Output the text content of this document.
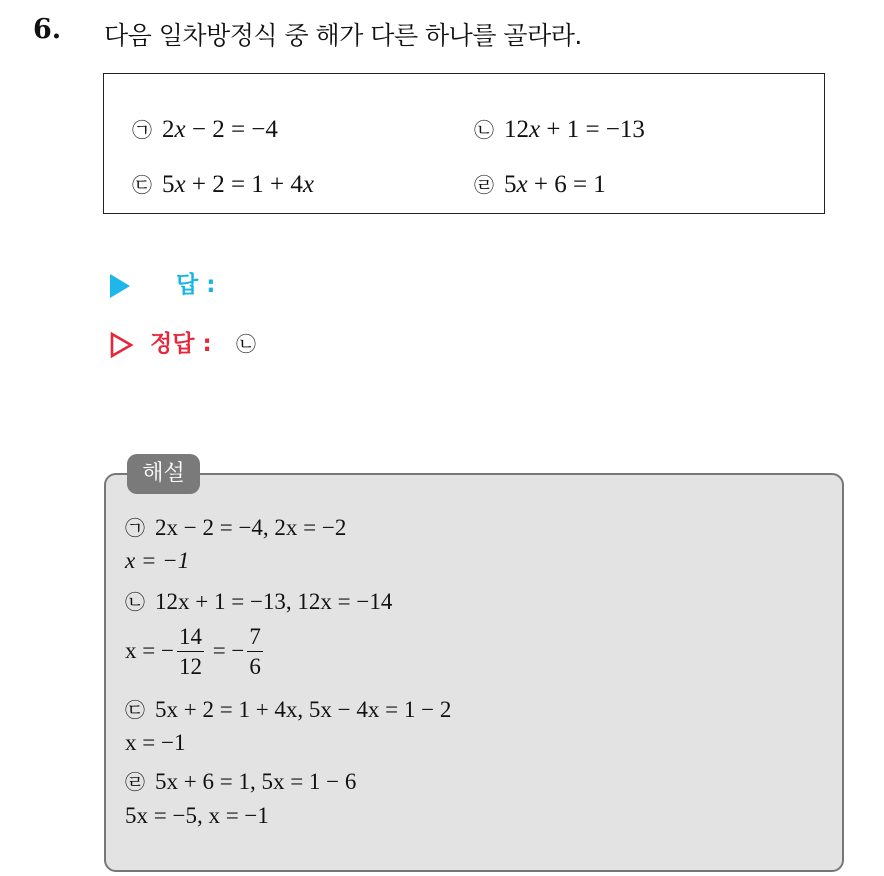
6. 다음 일차방정식 중 해가 다른 하나를 골라라.
㉠ 2x − 2 = −4	㉡ 12x + 1 = −13
㉢ 5x + 2 = 1 + 4x	㉣ 5x + 6 = 1
답 :
정답 : ㉡
해설
㉠ 2x − 2 = −4, 2x = −2
x = −1
㉡ 12x + 1 = −13, 12x = −14
x = − $\frac{14}{12}$ = − $\frac{7}{6}$
㉢ 5x + 2 = 1 + 4x, 5x − 4x = 1 − 2
x = −1
㉣ 5x + 6 = 1, 5x = 1 − 6
5x = −5, x = −1
